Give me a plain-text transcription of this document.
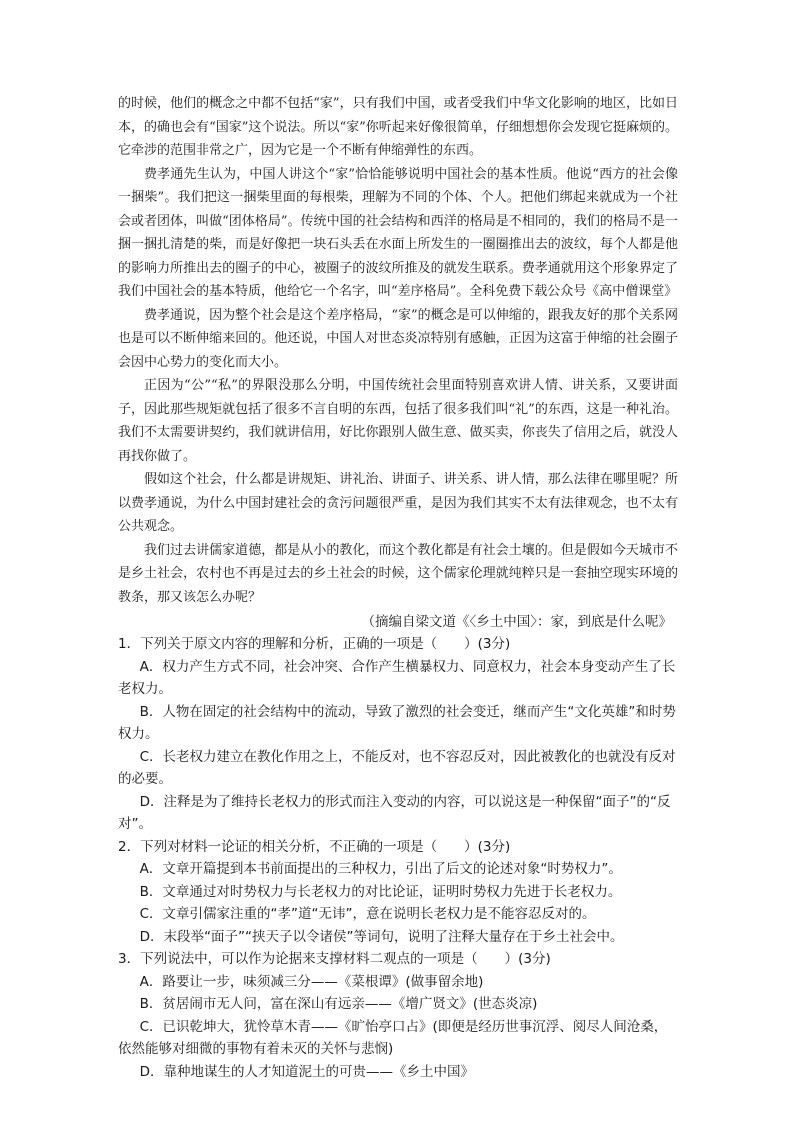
的时候，他们的概念之中都不包括“家”，只有我们中国，或者受我们中华文化影响的地区，比如日本，的确也会有“国家”这个说法。所以“家”你听起来好像很简单，仔细想想你会发现它挺麻烦的。它牵涉的范围非常之广，因为它是一个不断有伸缩弹性的东西。

费孝通先生认为，中国人讲这个“家”恰恰能够说明中国社会的基本性质。他说“西方的社会像一捆柴”。我们把这一捆柴里面的每根柴，理解为不同的个体、个人。把他们绑起来就成为一个社会或者团体，叫做“团体格局”。传统中国的社会结构和西洋的格局是不相同的，我们的格局不是一捆一捆扎清楚的柴，而是好像把一块石头丢在水面上所发生的一圈圈推出去的波纹，每个人都是他的影响力所推出去的圈子的中心，被圈子的波纹所推及的就发生联系。费孝通就用这个形象界定了我们中国社会的基本特质，他给它一个名字，叫“差序格局”。全科免费下载公众号《高中僧课堂》

费孝通说，因为整个社会是这个差序格局，“家”的概念是可以伸缩的，跟我友好的那个关系网也是可以不断伸缩来回的。他还说，中国人对世态炎凉特别有感触，正因为这富于伸缩的社会圈子会因中心势力的变化而大小。

正因为“公”“私”的界限没那么分明，中国传统社会里面特别喜欢讲人情、讲关系，又要讲面子，因此那些规矩就包括了很多不言自明的东西，包括了很多我们叫“礼”的东西，这是一种礼治。我们不太需要讲契约，我们就讲信用，好比你跟别人做生意、做买卖，你丧失了信用之后，就没人再找你做了。

假如这个社会，什么都是讲规矩、讲礼治、讲面子、讲关系、讲人情，那么法律在哪里呢？所以费孝通说，为什么中国封建社会的贪污问题很严重，是因为我们其实不太有法律观念，也不太有公共观念。

我们过去讲儒家道德，都是从小的教化，而这个教化都是有社会土壤的。但是假如今天城市不是乡土社会，农村也不再是过去的乡土社会的时候，这个儒家伦理就纯粹只是一套抽空现实环境的教条，那又该怎么办呢？

（摘编自梁文道《〈乡土中国〉：家，到底是什么呢》

1．下列关于原文内容的理解和分析，正确的一项是（　　）(3分)

A．权力产生方式不同，社会冲突、合作产生横暴权力、同意权力，社会本身变动产生了长老权力。

B．人物在固定的社会结构中的流动，导致了激烈的社会变迁，继而产生“文化英雄”和时势权力。

C．长老权力建立在教化作用之上，不能反对，也不容忍反对，因此被教化的也就没有反对的必要。

D．注释是为了维持长老权力的形式而注入变动的内容，可以说这是一种保留“面子”的“反对”。

2．下列对材料一论证的相关分析，不正确的一项是（　　）(3分)

A．文章开篇提到本书前面提出的三种权力，引出了后文的论述对象“时势权力”。

B．文章通过对时势权力与长老权力的对比论证，证明时势权力先进于长老权力。

C．文章引儒家注重的“孝”道“无讳”，意在说明长老权力是不能容忍反对的。

D．末段举“面子”“挟天子以令诸侯”等词句，说明了注释大量存在于乡土社会中。

3．下列说法中，可以作为论据来支撑材料二观点的一项是（　　）(3分)

A．路要让一步，味须减三分——《菜根谭》(做事留余地)

B．贫居闹市无人问，富在深山有远亲——《增广贤文》(世态炎凉)

C．已识乾坤大，犹怜草木青——《旷怡亭口占》(即便是经历世事沉浮、阅尽人间沧桑，依然能够对细微的事物有着未灭的关怀与悲悯)

D．靠种地谋生的人才知道泥土的可贵——《乡土中国》
